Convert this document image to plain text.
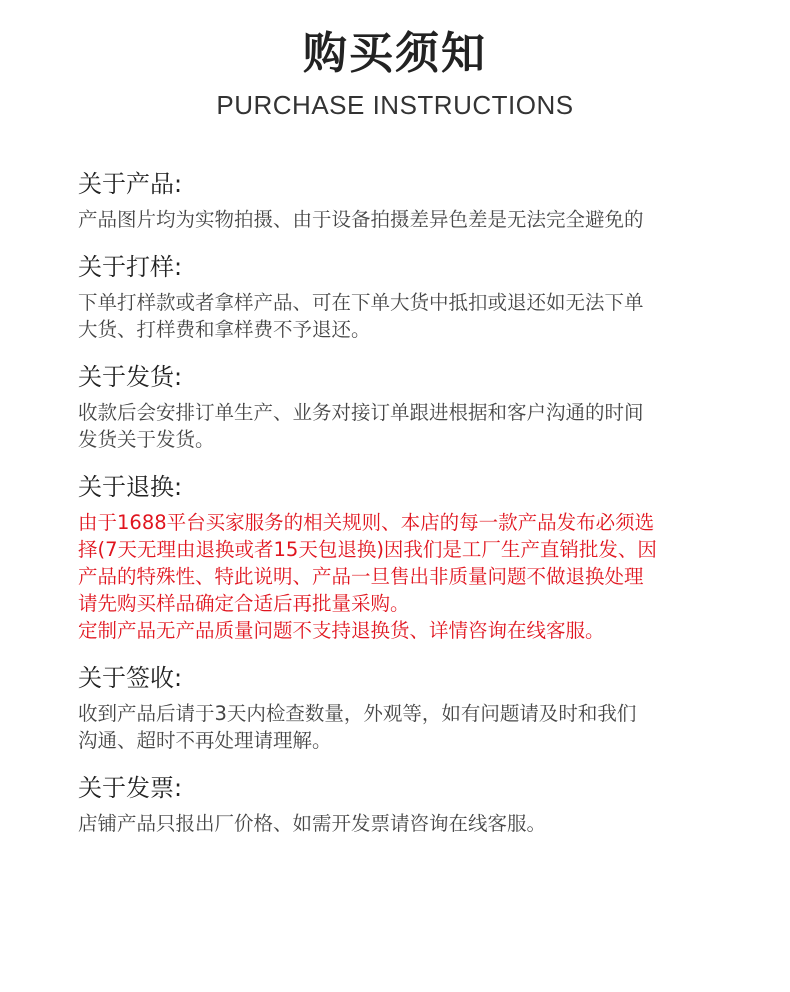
购买须知
PURCHASE INSTRUCTIONS
关于产品:
产品图片均为实物拍摄、由于设备拍摄差异色差是无法完全避免的
关于打样:
下单打样款或者拿样产品、可在下单大货中抵扣或退还如无法下单
大货、打样费和拿样费不予退还。
关于发货:
收款后会安排订单生产、业务对接订单跟进根据和客户沟通的时间
发货关于发货。
关于退换:
由于1688平台买家服务的相关规则、本店的每一款产品发布必须选
择(7天无理由退换或者15天包退换)因我们是工厂生产直销批发、因
产品的特殊性、特此说明、产品一旦售出非质量问题不做退换处理
请先购买样品确定合适后再批量采购。
定制产品无产品质量问题不支持退换货、详情咨询在线客服。
关于签收:
收到产品后请于3天内检查数量，外观等，如有问题请及时和我们
沟通、超时不再处理请理解。
关于发票:
店铺产品只报出厂价格、如需开发票请咨询在线客服。
